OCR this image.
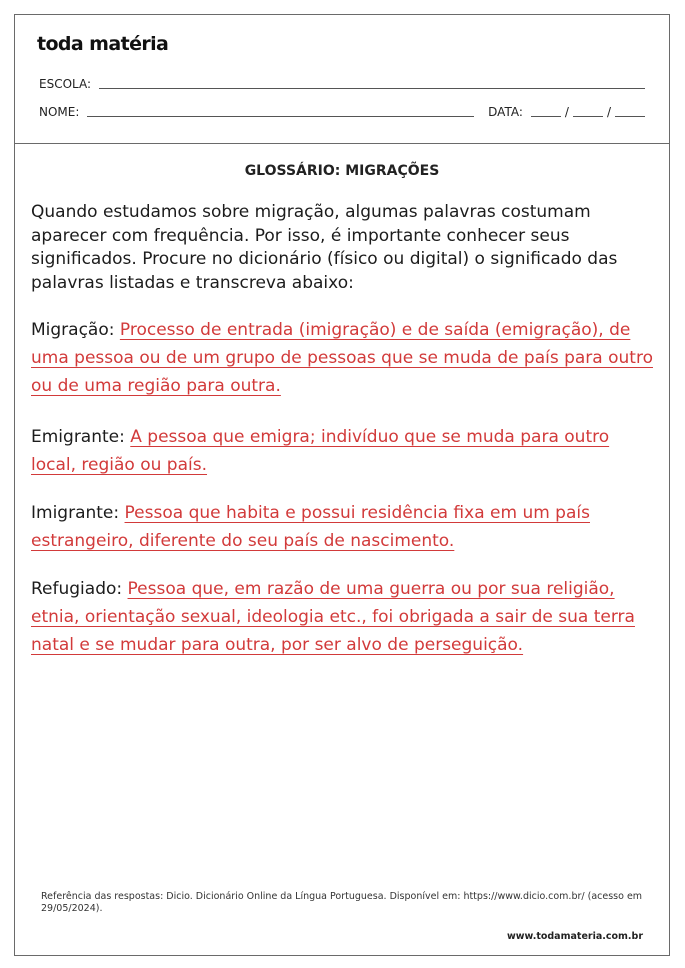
toda matéria
ESCOLA:
NOME:	DATA:	/	/
GLOSSÁRIO: MIGRAÇÕES
Quando estudamos sobre migração, algumas palavras costumam aparecer com frequência. Por isso, é importante conhecer seus significados. Procure no dicionário (físico ou digital) o significado das palavras listadas e transcreva abaixo:
Migração: Processo de entrada (imigração) e de saída (emigração), de uma pessoa ou de um grupo de pessoas que se muda de país para outro ou de uma região para outra.
Emigrante: A pessoa que emigra; indivíduo que se muda para outro local, região ou país.
Imigrante: Pessoa que habita e possui residência fixa em um país estrangeiro, diferente do seu país de nascimento.
Refugiado: Pessoa que, em razão de uma guerra ou por sua religião, etnia, orientação sexual, ideologia etc., foi obrigada a sair de sua terra natal e se mudar para outra, por ser alvo de perseguição.
Referência das respostas: Dicio. Dicionário Online da Língua Portuguesa. Disponível em: https://www.dicio.com.br/ (acesso em 29/05/2024).
www.todamateria.com.br
